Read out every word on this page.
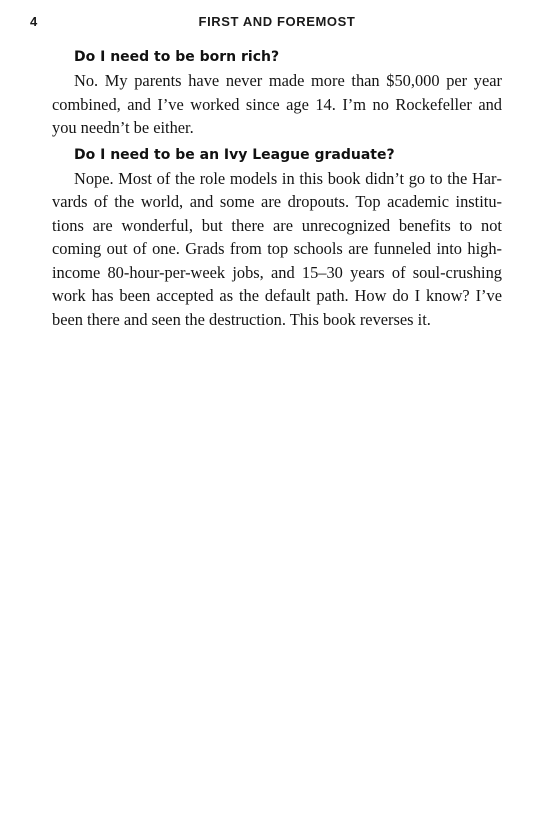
4	FIRST AND FOREMOST
Do I need to be born rich?

No. My parents have never made more than $50,000 per year combined, and I’ve worked since age 14. I’m no Rockefeller and you needn’t be either.

Do I need to be an Ivy League graduate?

Nope. Most of the role models in this book didn’t go to the Harvards of the world, and some are dropouts. Top academic institutions are wonderful, but there are unrecognized benefits to not coming out of one. Grads from top schools are funneled into high-income 80-hour-per-week jobs, and 15–30 years of soul-crushing work has been accepted as the default path. How do I know? I’ve been there and seen the destruction. This book reverses it.
